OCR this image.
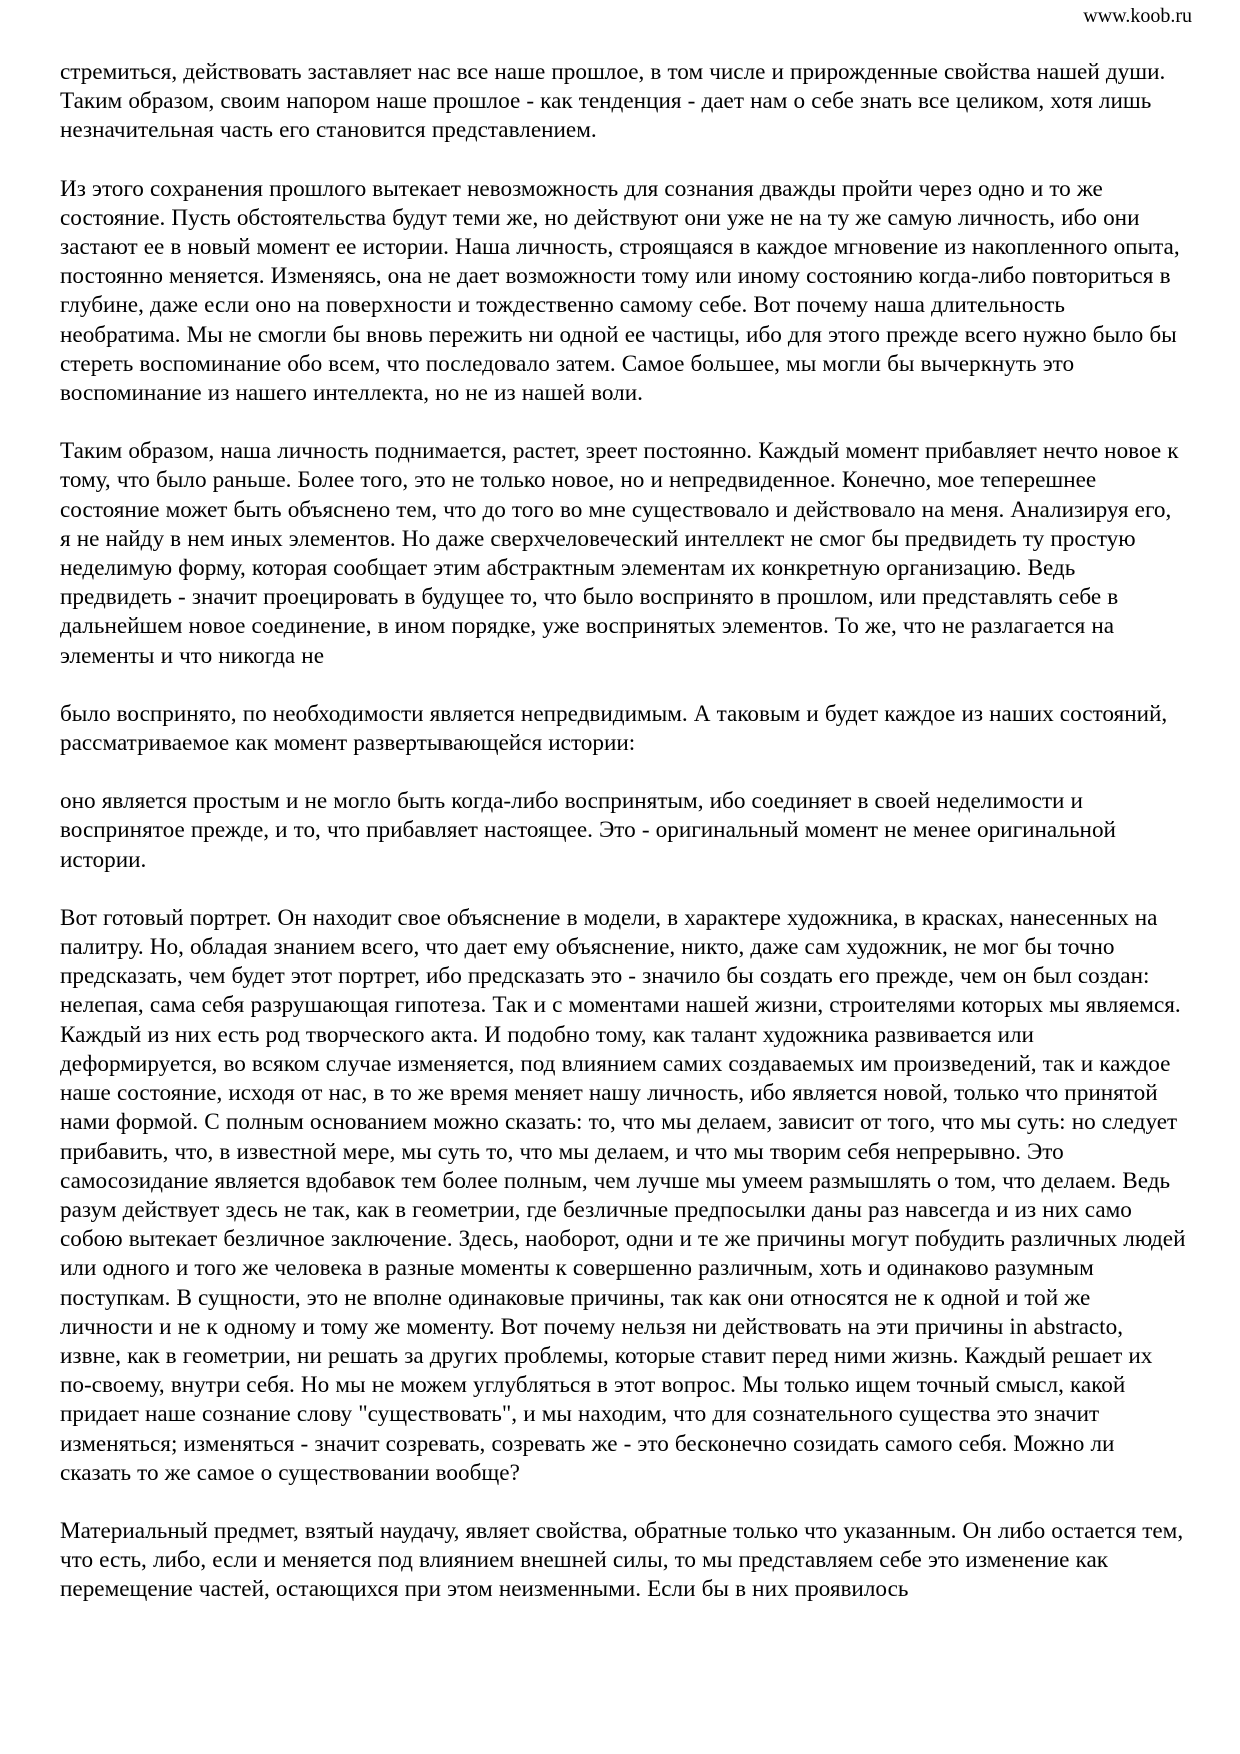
www.koob.ru

стремиться, действовать заставляет нас все наше прошлое, в том числе и прирожденные свойства нашей души. Таким образом, своим напором наше прошлое - как тенденция - дает нам о себе знать все целиком, хотя лишь незначительная часть его становится представлением.

Из этого сохранения прошлого вытекает невозможность для сознания дважды пройти через одно и то же состояние. Пусть обстоятельства будут теми же, но действуют они уже не на ту же самую личность, ибо они застают ее в новый момент ее истории. Наша личность, строящаяся в каждое мгновение из накопленного опыта, постоянно меняется. Изменяясь, она не дает возможности тому или иному состоянию когда-либо повториться в глубине, даже если оно на поверхности и тождественно самому себе. Вот почему наша длительность необратима. Мы не смогли бы вновь пережить ни одной ее частицы, ибо для этого прежде всего нужно было бы стереть воспоминание обо всем, что последовало затем. Самое большее, мы могли бы вычеркнуть это воспоминание из нашего интеллекта, но не из нашей воли.

Таким образом, наша личность поднимается, растет, зреет постоянно. Каждый момент прибавляет нечто новое к тому, что было раньше. Более того, это не только новое, но и непредвиденное. Конечно, мое теперешнее состояние может быть объяснено тем, что до того во мне существовало и действовало на меня. Анализируя его, я не найду в нем иных элементов. Но даже сверхчеловеческий интеллект не смог бы предвидеть ту простую неделимую форму, которая сообщает этим абстрактным элементам их конкретную организацию. Ведь предвидеть - значит проецировать в будущее то, что было воспринято в прошлом, или представлять себе в дальнейшем новое соединение, в ином порядке, уже воспринятых элементов. То же, что не разлагается на элементы и что никогда не

было воспринято, по необходимости является непредвидимым. А таковым и будет каждое из наших состояний, рассматриваемое как момент развертывающейся истории:

оно является простым и не могло быть когда-либо воспринятым, ибо соединяет в своей неделимости и воспринятое прежде, и то, что прибавляет настоящее. Это - оригинальный момент не менее оригинальной истории.

Вот готовый портрет. Он находит свое объяснение в модели, в характере художника, в красках, нанесенных на палитру. Но, обладая знанием всего, что дает ему объяснение, никто, даже сам художник, не мог бы точно предсказать, чем будет этот портрет, ибо предсказать это - значило бы создать его прежде, чем он был создан: нелепая, сама себя разрушающая гипотеза. Так и с моментами нашей жизни, строителями которых мы являемся. Каждый из них есть род творческого акта. И подобно тому, как талант художника развивается или деформируется, во всяком случае изменяется, под влиянием самих создаваемых им произведений, так и каждое наше состояние, исходя от нас, в то же время меняет нашу личность, ибо является новой, только что принятой нами формой. С полным основанием можно сказать: то, что мы делаем, зависит от того, что мы суть: но следует прибавить, что, в известной мере, мы суть то, что мы делаем, и что мы творим себя непрерывно. Это самосозидание является вдобавок тем более полным, чем лучше мы умеем размышлять о том, что делаем. Ведь разум действует здесь не так, как в геометрии, где безличные предпосылки даны раз навсегда и из них само собою вытекает безличное заключение. Здесь, наоборот, одни и те же причины могут побудить различных людей или одного и того же человека в разные моменты к совершенно различным, хоть и одинаково разумным поступкам. В сущности, это не вполне одинаковые причины, так как они относятся не к одной и той же личности и не к одному и тому же моменту. Вот почему нельзя ни действовать на эти причины in abstracto, извне, как в геометрии, ни решать за других проблемы, которые ставит перед ними жизнь. Каждый решает их по-своему, внутри себя. Но мы не можем углубляться в этот вопрос. Мы только ищем точный смысл, какой придает наше сознание слову "существовать", и мы находим, что для сознательного существа это значит изменяться; изменяться - значит созревать, созревать же - это бесконечно созидать самого себя. Можно ли сказать то же самое о существовании вообще?

Материальный предмет, взятый наудачу, являет свойства, обратные только что указанным. Он либо остается тем, что есть, либо, если и меняется под влиянием внешней силы, то мы представляем себе это изменение как перемещение частей, остающихся при этом неизменными. Если бы в них проявилось
